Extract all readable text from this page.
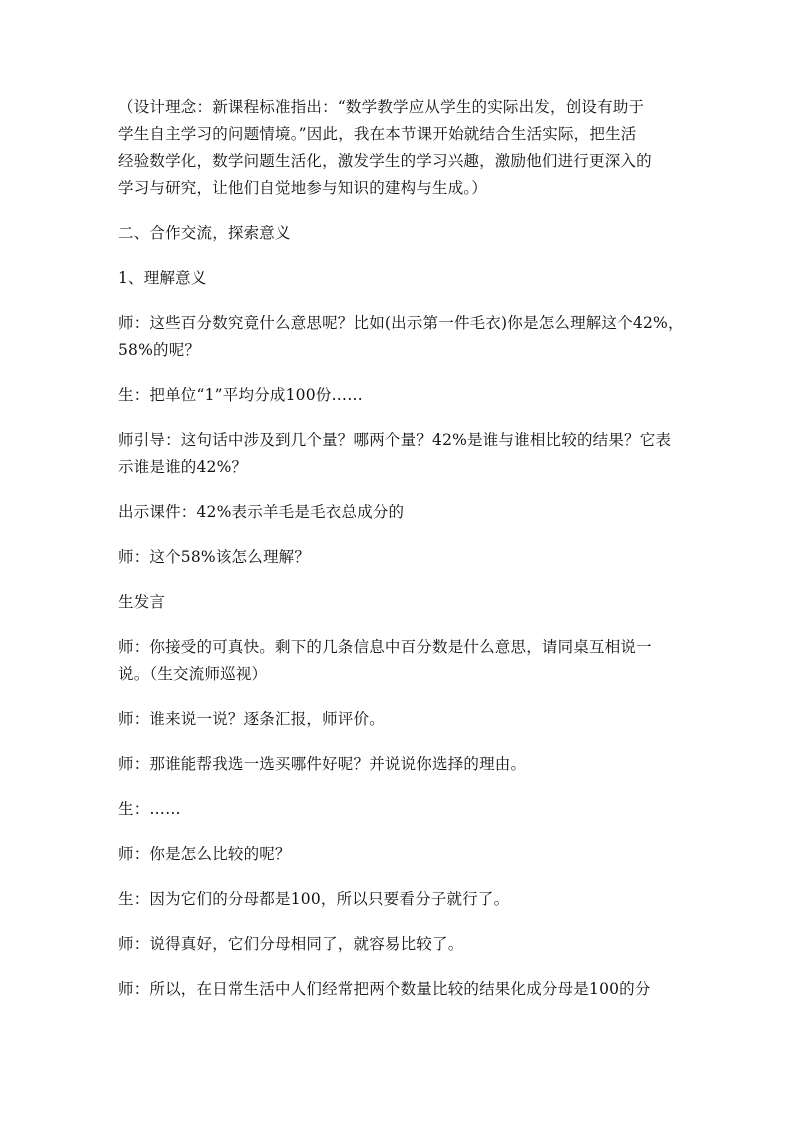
（设计理念：新课程标准指出：“数学教学应从学生的实际出发，创设有助于
学生自主学习的问题情境。”因此，我在本节课开始就结合生活实际，把生活
经验数学化，数学问题生活化，激发学生的学习兴趣，激励他们进行更深入的
学习与研究，让他们自觉地参与知识的建构与生成。）

二、合作交流，探索意义

1、理解意义

师：这些百分数究竟什么意思呢？比如(出示第一件毛衣)你是怎么理解这个42%，
58%的呢？

生：把单位“1”平均分成100份……

师引导：这句话中涉及到几个量？哪两个量？42%是谁与谁相比较的结果？它表
示谁是谁的42%？

出示课件：42%表示羊毛是毛衣总成分的

师：这个58%该怎么理解？

生发言

师：你接受的可真快。剩下的几条信息中百分数是什么意思，请同桌互相说一
说。（生交流师巡视）

师：谁来说一说？逐条汇报，师评价。

师：那谁能帮我选一选买哪件好呢？并说说你选择的理由。

生：……

师：你是怎么比较的呢？

生：因为它们的分母都是100，所以只要看分子就行了。

师：说得真好，它们分母相同了，就容易比较了。

师：所以，在日常生活中人们经常把两个数量比较的结果化成分母是100的分
